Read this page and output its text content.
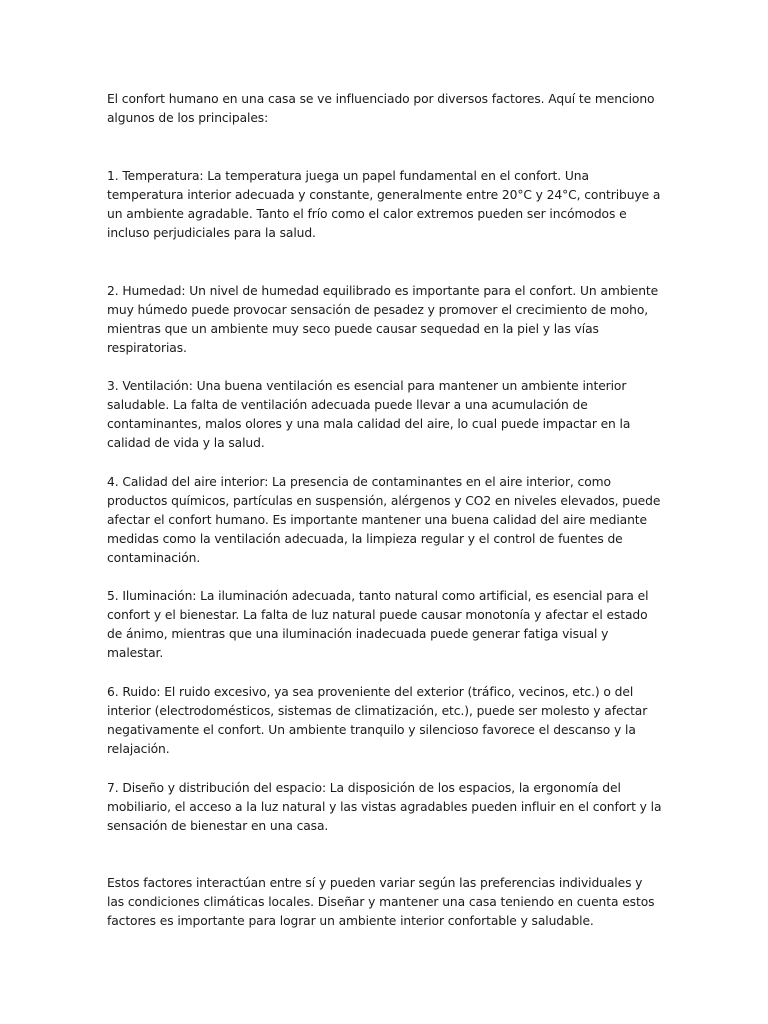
El confort humano en una casa se ve influenciado por diversos factores. Aquí te menciono algunos de los principales:

1. Temperatura: La temperatura juega un papel fundamental en el confort. Una temperatura interior adecuada y constante, generalmente entre 20°C y 24°C, contribuye a un ambiente agradable. Tanto el frío como el calor extremos pueden ser incómodos e incluso perjudiciales para la salud.

2. Humedad: Un nivel de humedad equilibrado es importante para el confort. Un ambiente muy húmedo puede provocar sensación de pesadez y promover el crecimiento de moho, mientras que un ambiente muy seco puede causar sequedad en la piel y las vías respiratorias.

3. Ventilación: Una buena ventilación es esencial para mantener un ambiente interior saludable. La falta de ventilación adecuada puede llevar a una acumulación de contaminantes, malos olores y una mala calidad del aire, lo cual puede impactar en la calidad de vida y la salud.

4. Calidad del aire interior: La presencia de contaminantes en el aire interior, como productos químicos, partículas en suspensión, alérgenos y CO2 en niveles elevados, puede afectar el confort humano. Es importante mantener una buena calidad del aire mediante medidas como la ventilación adecuada, la limpieza regular y el control de fuentes de contaminación.

5. Iluminación: La iluminación adecuada, tanto natural como artificial, es esencial para el confort y el bienestar. La falta de luz natural puede causar monotonía y afectar el estado de ánimo, mientras que una iluminación inadecuada puede generar fatiga visual y malestar.

6. Ruido: El ruido excesivo, ya sea proveniente del exterior (tráfico, vecinos, etc.) o del interior (electrodomésticos, sistemas de climatización, etc.), puede ser molesto y afectar negativamente el confort. Un ambiente tranquilo y silencioso favorece el descanso y la relajación.

7. Diseño y distribución del espacio: La disposición de los espacios, la ergonomía del mobiliario, el acceso a la luz natural y las vistas agradables pueden influir en el confort y la sensación de bienestar en una casa.

Estos factores interactúan entre sí y pueden variar según las preferencias individuales y las condiciones climáticas locales. Diseñar y mantener una casa teniendo en cuenta estos factores es importante para lograr un ambiente interior confortable y saludable.
